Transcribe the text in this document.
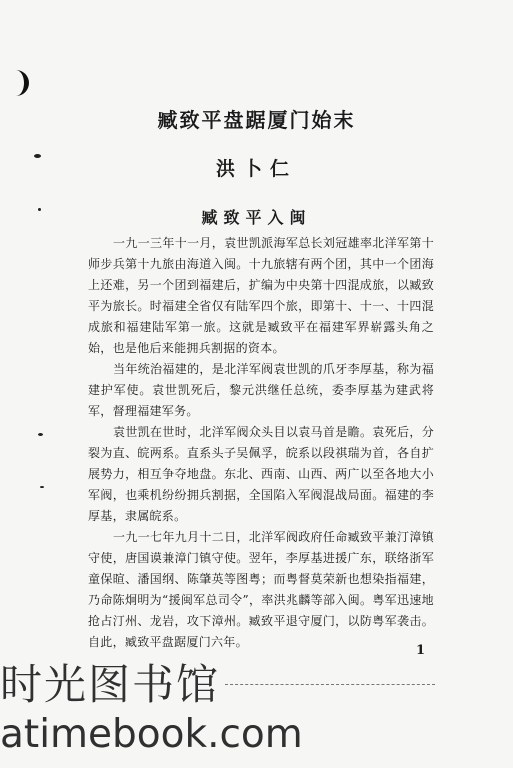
臧致平盘踞厦门始末
洪卜仁
臧致平入闽

一九一三年十一月，袁世凯派海军总长刘冠雄率北洋军第十师步兵第十九旅由海道入闽。十九旅辖有两个团，其中一个团海上还难，另一个团到福建后，扩编为中央第十四混成旅，以臧致平为旅长。时福建全省仅有陆军四个旅，即第十、十一、十四混成旅和福建陆军第一旅。这就是臧致平在福建军界崭露头角之始，也是他后来能拥兵割据的资本。

当年统治福建的，是北洋军阀袁世凯的爪牙李厚基，称为福建护军使。袁世凯死后，黎元洪继任总统，委李厚基为建武将军，督理福建军务。

袁世凯在世时，北洋军阀众头目以袁马首是瞻。袁死后，分裂为直、皖两系。直系头子吴佩孚，皖系以段祺瑞为首，各自扩展势力，相互争夺地盘。东北、西南、山西、两广以至各地大小军阀，也乘机纷纷拥兵割据，全国陷入军阀混战局面。福建的李厚基，隶属皖系。

一九一七年九月十二日，北洋军阀政府任命臧致平兼汀漳镇守使，唐国谟兼漳门镇守使。翌年，李厚基进援广东，联络浙军童保暄、潘国纲、陈肇英等图粤；而粤督莫荣新也想染指福建，乃命陈炯明为“援闽军总司令”，率洪兆麟等部入闽。粤军迅速地抢占汀州、龙岩，攻下漳州。臧致平退守厦门，以防粤军袭击。自此，臧致平盘踞厦门六年。

1
时光图书馆
atimebook.com
